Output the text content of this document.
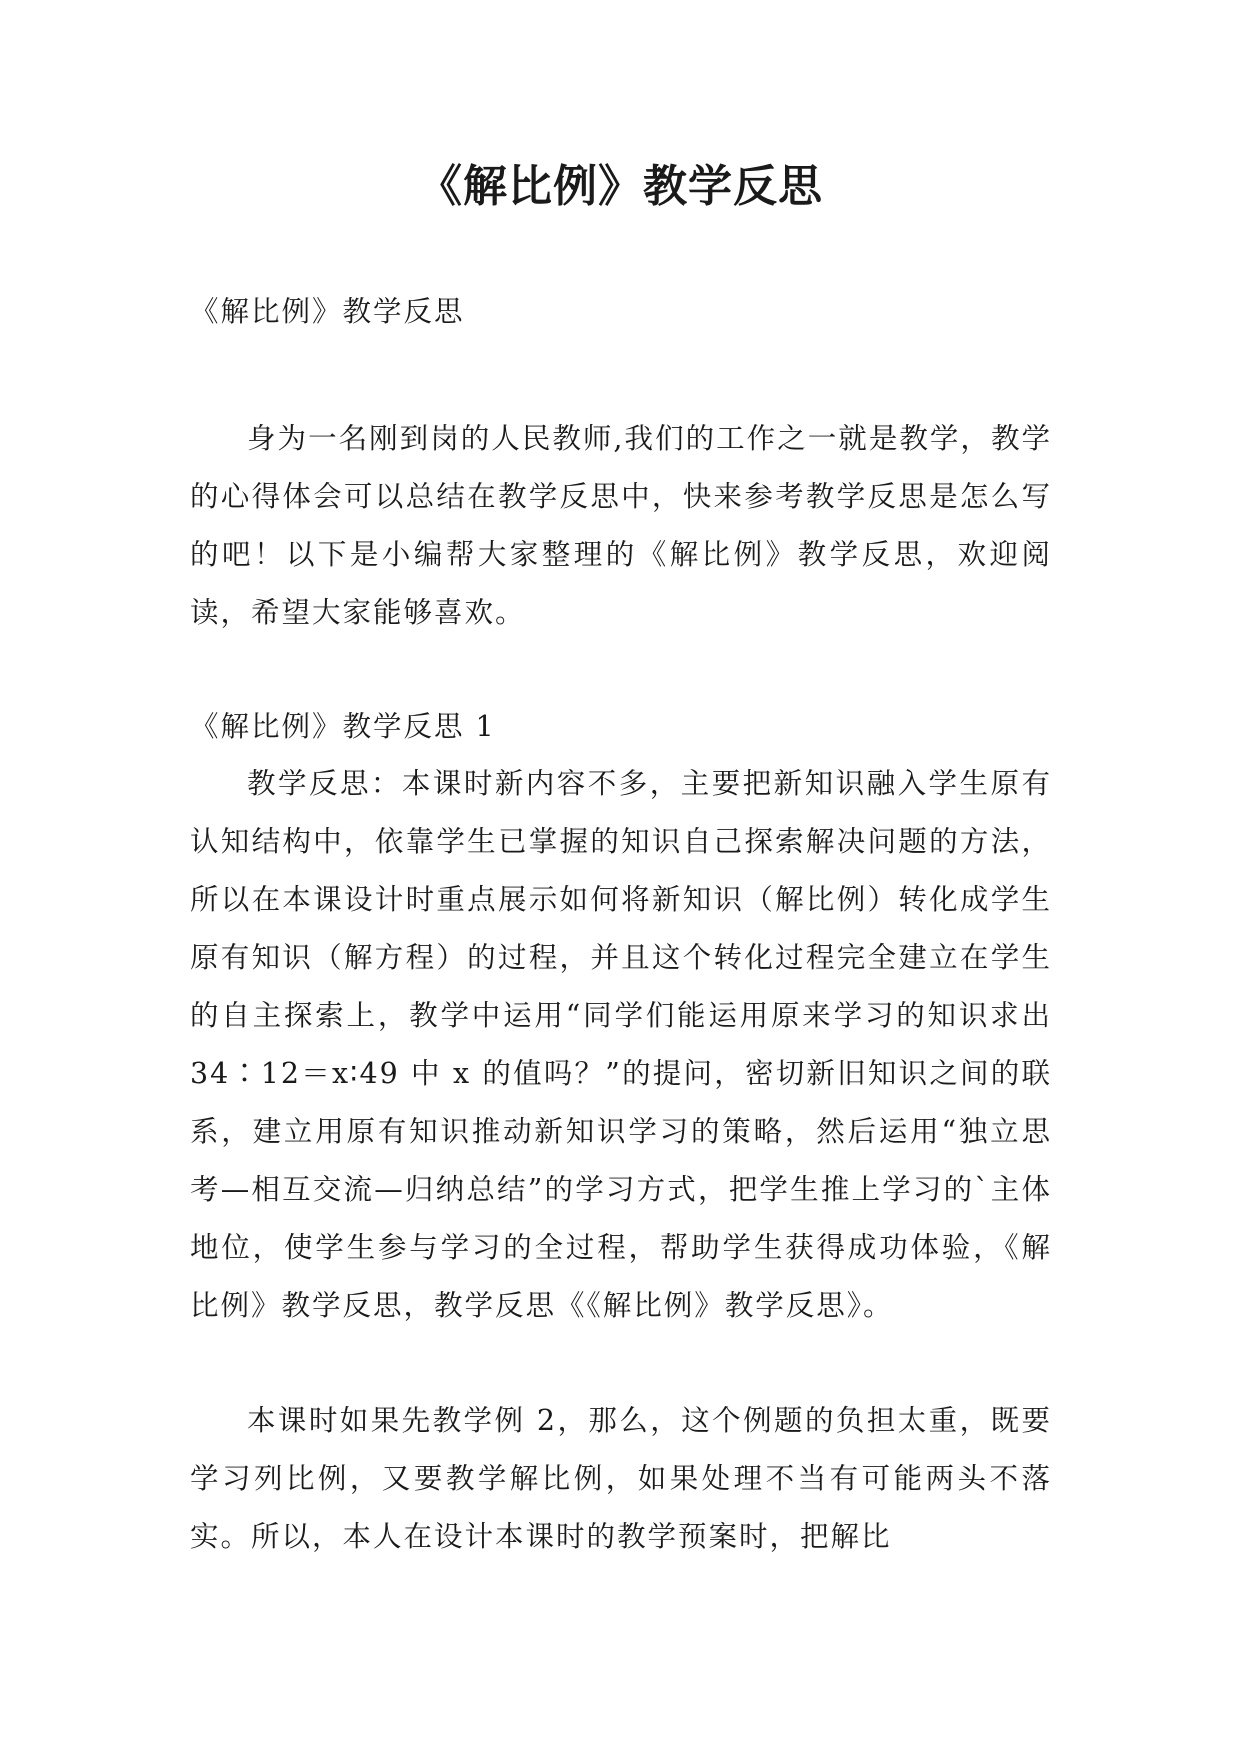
《解比例》教学反思

《解比例》教学反思

身为一名刚到岗的人民教师,我们的工作之一就是教学，教学的心得体会可以总结在教学反思中，快来参考教学反思是怎么写的吧！以下是小编帮大家整理的《解比例》教学反思，欢迎阅读，希望大家能够喜欢。

《解比例》教学反思 1

教学反思：本课时新内容不多，主要把新知识融入学生原有认知结构中，依靠学生已掌握的知识自己探索解决问题的方法，所以在本课设计时重点展示如何将新知识（解比例）转化成学生原有知识（解方程）的过程，并且这个转化过程完全建立在学生的自主探索上，教学中运用“同学们能运用原来学习的知识求出 34∶12＝x∶49 中 x 的值吗？”的提问，密切新旧知识之间的联系，建立用原有知识推动新知识学习的策略，然后运用“独立思考—相互交流—归纳总结”的学习方式，把学生推上学习的`主体地位，使学生参与学习的全过程，帮助学生获得成功体验，《解比例》教学反思，教学反思《《解比例》教学反思》。

本课时如果先教学例 2，那么，这个例题的负担太重，既要学习列比例，又要教学解比例，如果处理不当有可能两头不落实。所以，本人在设计本课时的教学预案时，把解比
